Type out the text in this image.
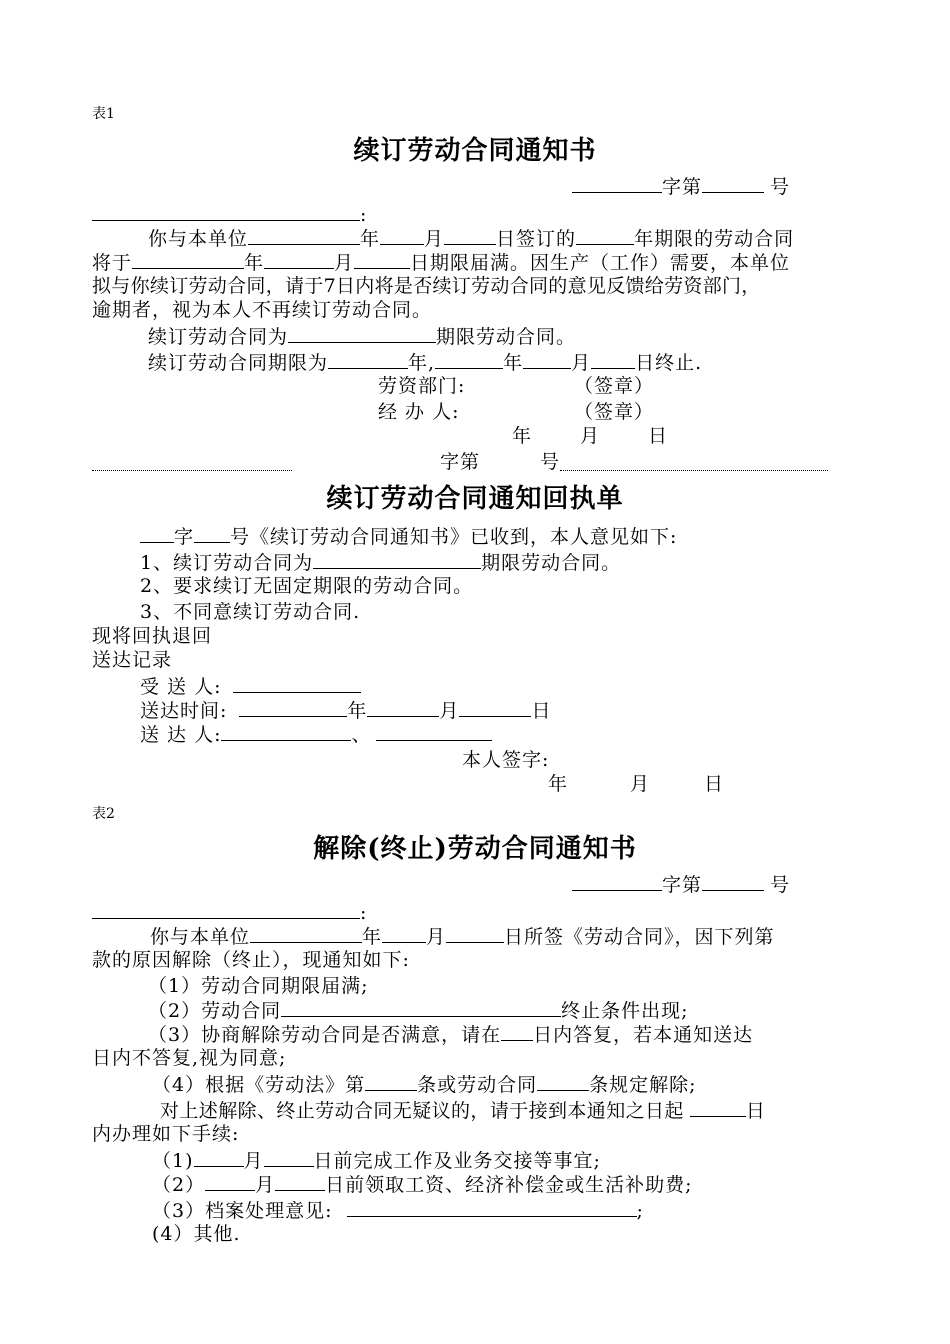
表1
续订劳动合同通知书
字第	号
:
你与本单位	年 月	日签订的	年期限的劳动合同
将于	年	月	日期限届满。因生产（工作）需要，本单位
拟与你续订劳动合同，请于7日内将是否续订劳动合同的意见反馈给劳资部门，
逾期者，视为本人不再续订劳动合同。
续订劳动合同为	期限劳动合同。
续订劳动合同期限为	年,	年	月 日终止.
劳资部门:	（签章）
经 办 人:	（签章）
年	月	日
字第	号
续订劳动合同通知回执单
字 号《续订劳动合同通知书》已收到，本人意见如下:
1、续订劳动合同为	期限劳动合同。
2、要求续订无固定期限的劳动合同。
3、不同意续订劳动合同.
现将回执退回
送达记录
受 送 人:
送达时间:	年	月	日
送 达 人:	、
本人签字:
年	月	日
表2
解除(终止)劳动合同通知书
字第	号
:
你与本单位	年 月	日所签《劳动合同》，因下列第
款的原因解除（终止），现通知如下:
（1）劳动合同期限届满;
（2）劳动合同	终止条件出现;
（3）协商解除劳动合同是否满意，请在 日内答复，若本通知送达
日内不答复,视为同意;
（4）根据《劳动法》第	条或劳动合同	条规定解除;
对上述解除、终止劳动合同无疑议的，请于接到本通知之日起	日
内办理如下手续:
（1)	月	日前完成工作及业务交接等事宜;
（2）	月	日前领取工资、经济补偿金或生活补助费;
（3）档案处理意见:	;
(4）其他.
